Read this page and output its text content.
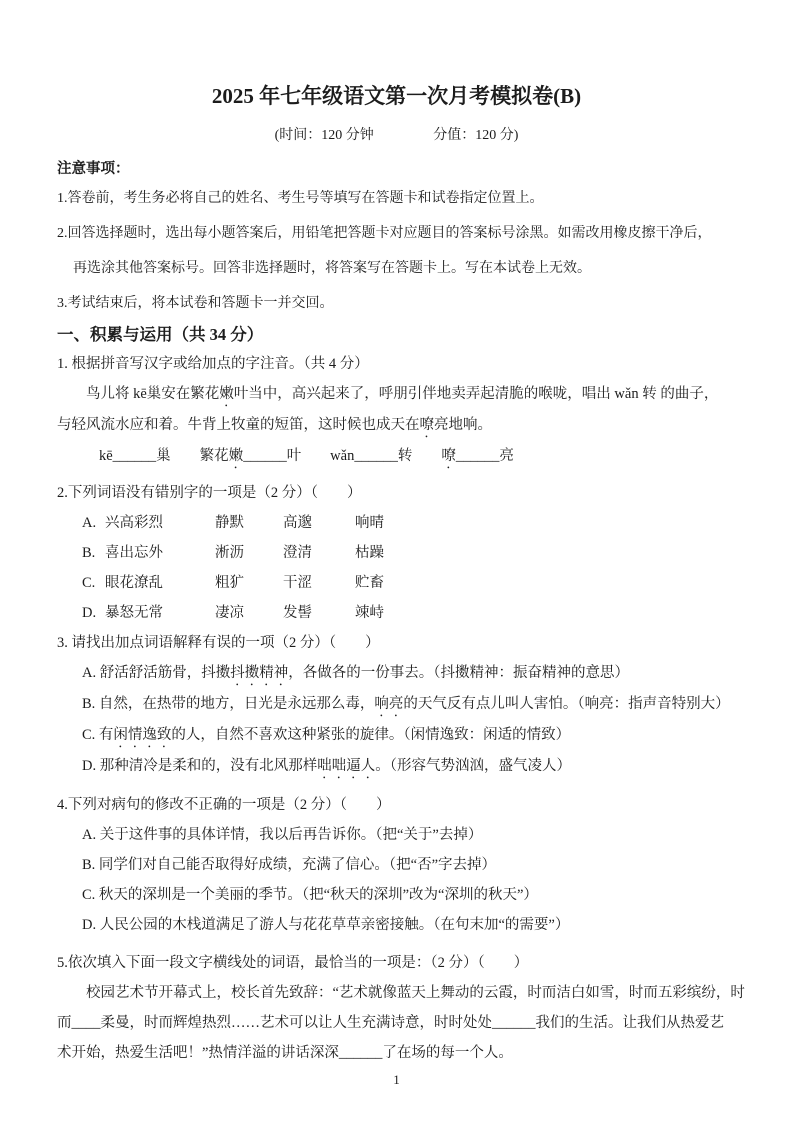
2025 年七年级语文第一次月考模拟卷(B)
(时间：120 分钟	分值：120 分)
注意事项：
1.答卷前，考生务必将自己的姓名、考生号等填写在答题卡和试卷指定位置上。
2.回答选择题时，选出每小题答案后，用铅笔把答题卡对应题目的答案标号涂黑。如需改用橡皮擦干净后，
再选涂其他答案标号。回答非选择题时，将答案写在答题卡上。写在本试卷上无效。
3.考试结束后，将本试卷和答题卡一并交回。
一、积累与运用（共 34 分）
1. 根据拼音写汉字或给加点的字注音。（共 4 分）
鸟儿将 kē巢安在繁花嫩叶当中，高兴起来了，呼朋引伴地卖弄起清脆的喉咙，唱出 wǎn 转 的曲子，
与轻风流水应和着。牛背上牧童的短笛，这时候也成天在嘹亮地响。
kē______巢　　繁花嫩______叶　　wǎn______转　　嘹______亮
2.下列词语没有错别字的一项是（2 分）（　　）
A. 兴高彩烈	静默	高邈	响晴
B. 喜出忘外	淅沥	澄清	枯躁
C. 眼花潦乱	粗犷	干涩	贮畜
D. 暴怒无常	凄凉	发髻	竦峙
3. 请找出加点词语解释有误的一项（2 分）（　　）
A. 舒活舒活筋骨，抖擞抖擞精神，各做各的一份事去。（抖擞精神：振奋精神的意思）
B. 自然，在热带的地方，日光是永远那么毒，响亮的天气反有点儿叫人害怕。（响亮：指声音特别大）
C. 有闲情逸致的人，自然不喜欢这种紧张的旋律。（闲情逸致：闲适的情致）
D. 那种清冷是柔和的，没有北风那样咄咄逼人。（形容气势汹汹，盛气凌人）
4.下列对病句的修改不正确的一项是（2 分）（　　）
A. 关于这件事的具体详情，我以后再告诉你。（把“关于”去掉）
B. 同学们对自己能否取得好成绩，充满了信心。（把“否”字去掉）
C. 秋天的深圳是一个美丽的季节。（把“秋天的深圳”改为“深圳的秋天”）
D. 人民公园的木栈道满足了游人与花花草草亲密接触。（在句末加“的需要”）
5.依次填入下面一段文字横线处的词语，最恰当的一项是：（2 分）（　　）
校园艺术节开幕式上，校长首先致辞：“艺术就像蓝天上舞动的云霞，时而洁白如雪，时而五彩缤纷，时
而____柔曼，时而辉煌热烈……艺术可以让人生充满诗意，时时处处______我们的生活。让我们从热爱艺
术开始，热爱生活吧！”热情洋溢的讲话深深______了在场的每一个人。
1
